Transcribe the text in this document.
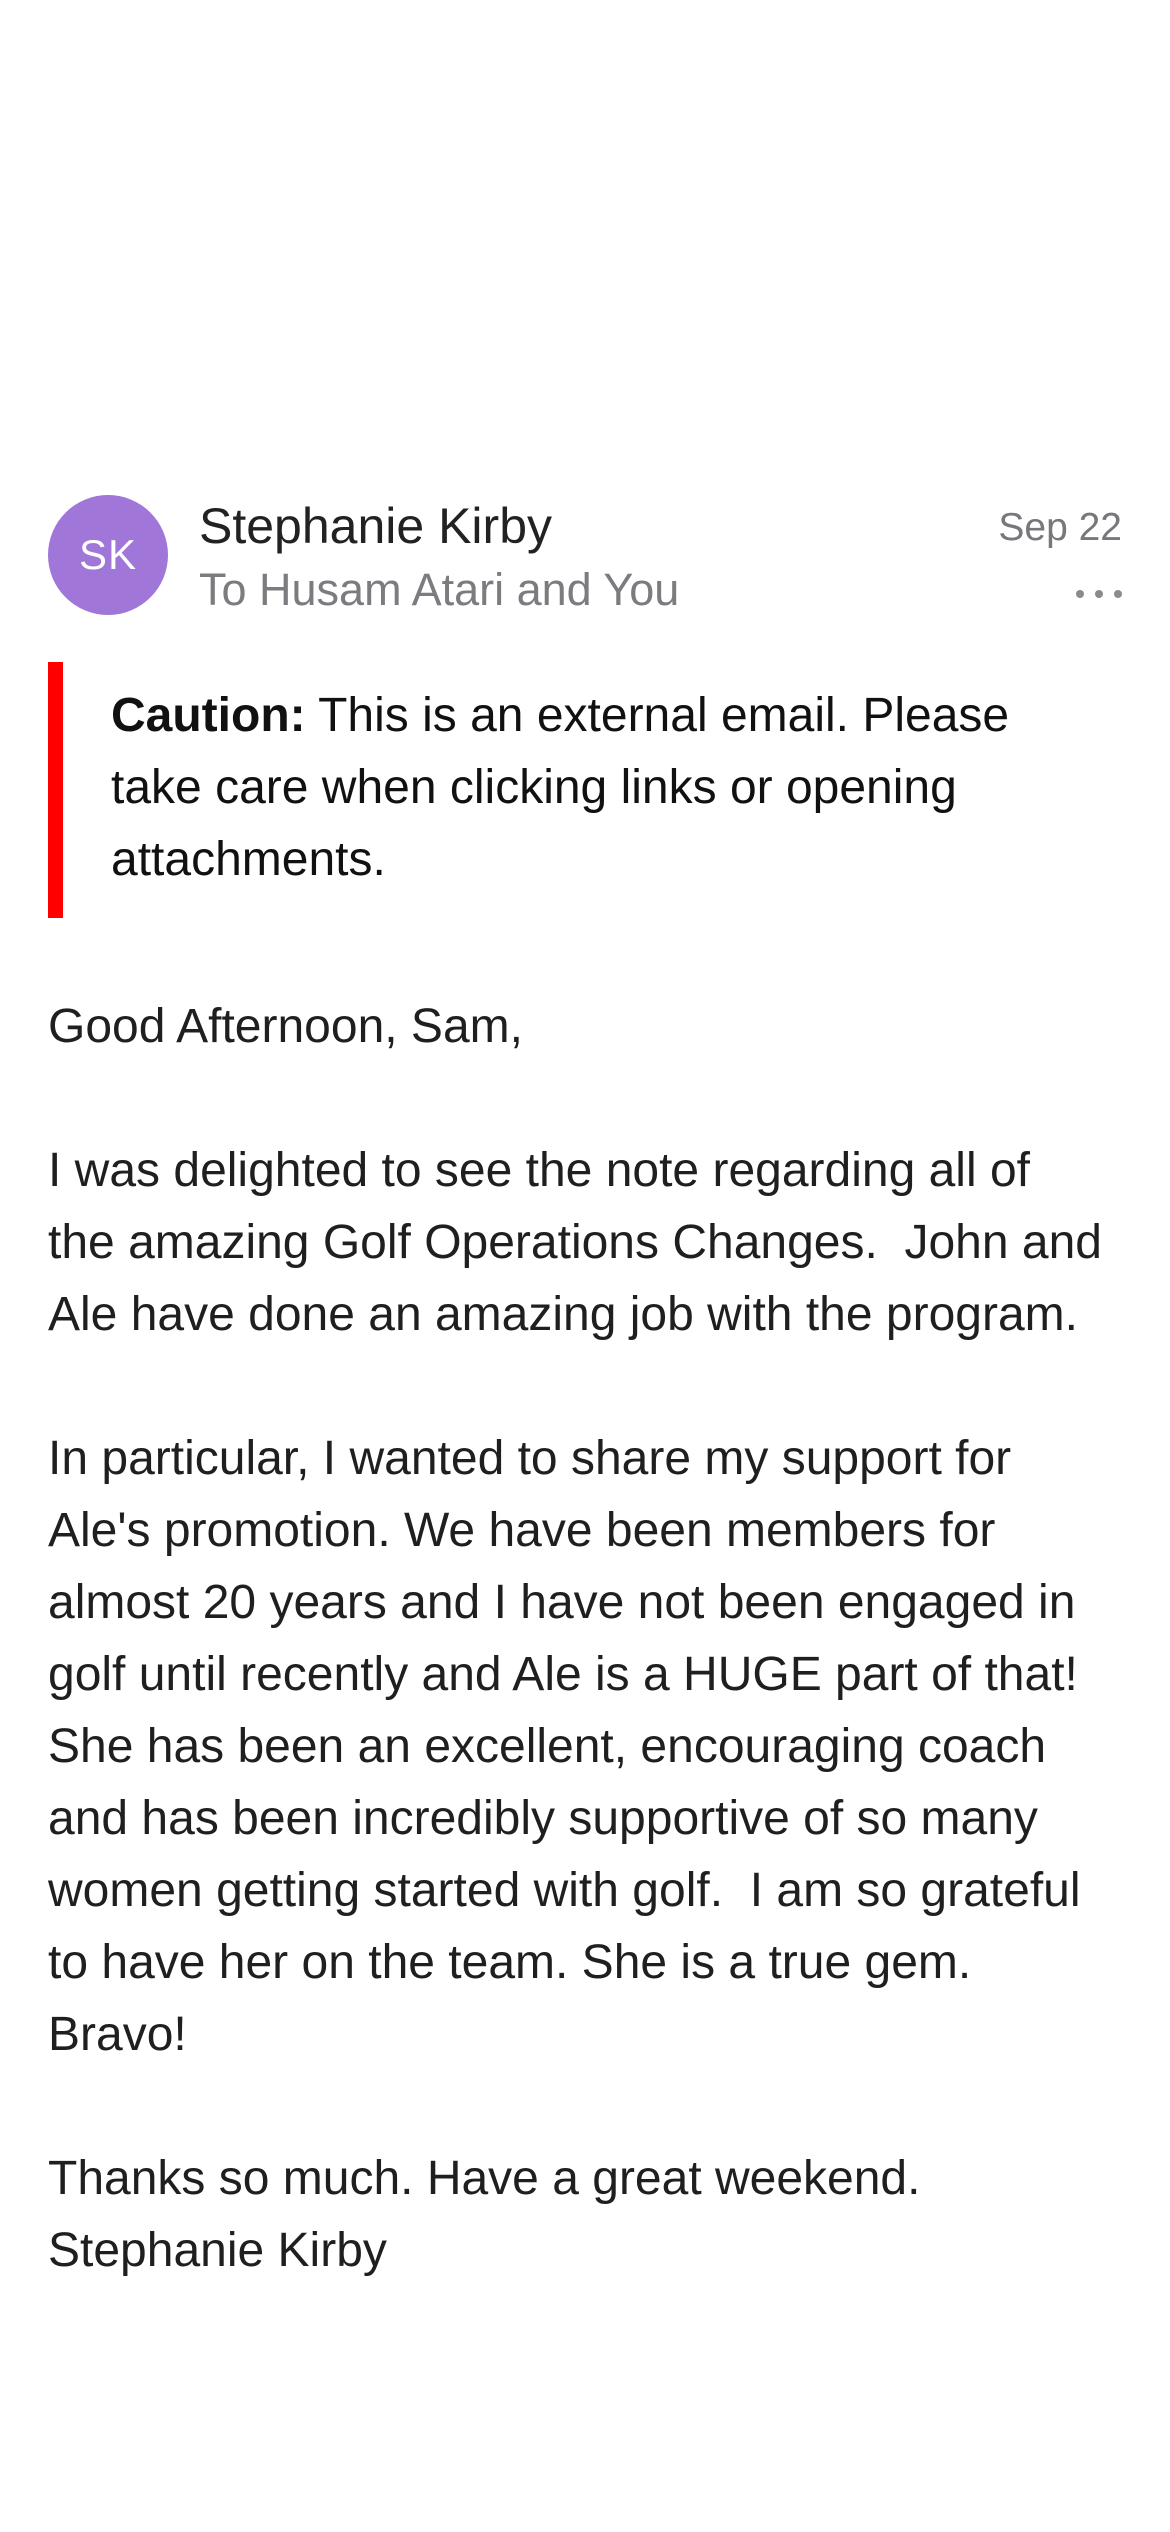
SK
Stephanie Kirby
To Husam Atari and You
Sep 22
Caution: This is an external email. Please take care when clicking links or opening attachments.
Good Afternoon, Sam,
I was delighted to see the note regarding all of
the amazing Golf Operations Changes.  John and
Ale have done an amazing job with the program.
In particular, I wanted to share my support for
Ale's promotion. We have been members for
almost 20 years and I have not been engaged in
golf until recently and Ale is a HUGE part of that!
She has been an excellent, encouraging coach
and has been incredibly supportive of so many
women getting started with golf.  I am so grateful
to have her on the team. She is a true gem.
Bravo!
Thanks so much. Have a great weekend.
Stephanie Kirby
